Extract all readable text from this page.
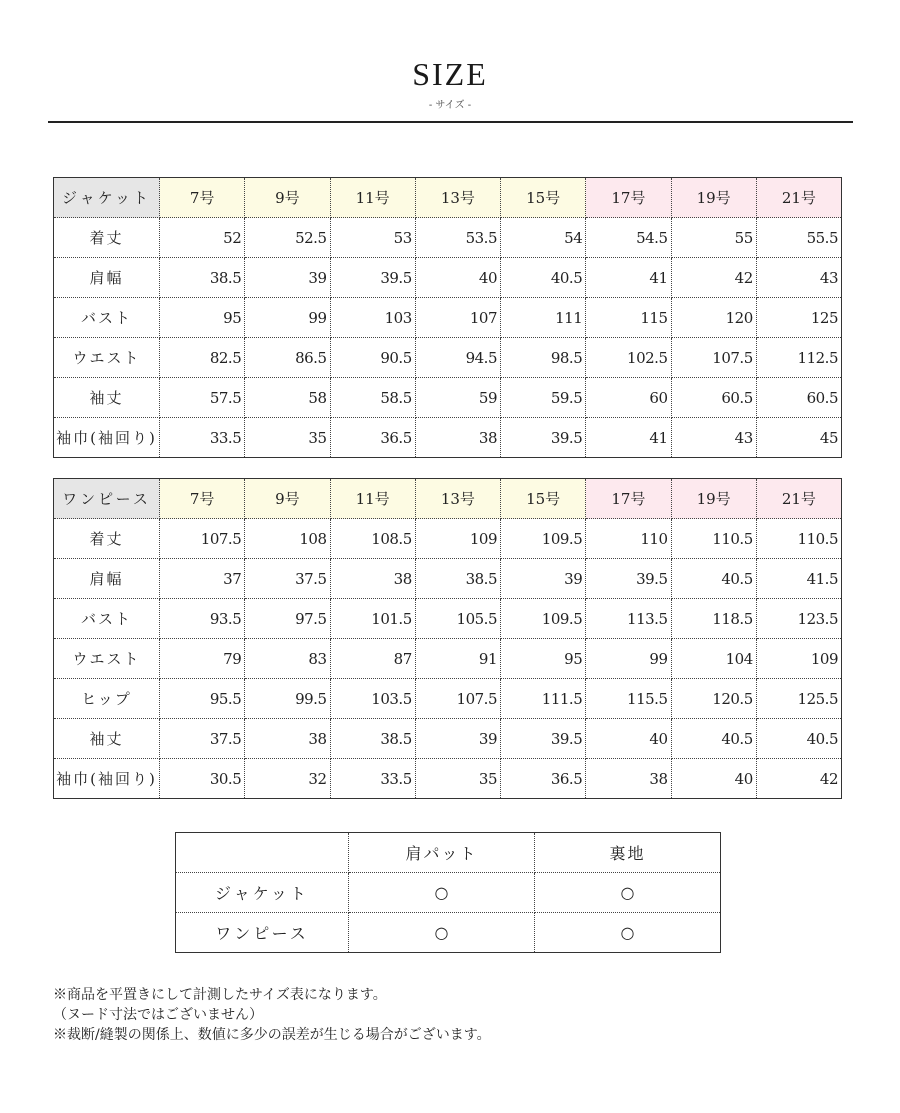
SIZE
- サイズ -
ジャケット	7号	9号	11号	13号	15号	17号	19号	21号
着丈	52	52.5	53	53.5	54	54.5	55	55.5
肩幅	38.5	39	39.5	40	40.5	41	42	43
バスト	95	99	103	107	111	115	120	125
ウエスト	82.5	86.5	90.5	94.5	98.5	102.5	107.5	112.5
袖丈	57.5	58	58.5	59	59.5	60	60.5	60.5
袖巾(袖回り)	33.5	35	36.5	38	39.5	41	43	45
ワンピース	7号	9号	11号	13号	15号	17号	19号	21号
着丈	107.5	108	108.5	109	109.5	110	110.5	110.5
肩幅	37	37.5	38	38.5	39	39.5	40.5	41.5
バスト	93.5	97.5	101.5	105.5	109.5	113.5	118.5	123.5
ウエスト	79	83	87	91	95	99	104	109
ヒップ	95.5	99.5	103.5	107.5	111.5	115.5	120.5	125.5
袖丈	37.5	38	38.5	39	39.5	40	40.5	40.5
袖巾(袖回り)	30.5	32	33.5	35	36.5	38	40	42
	肩パット	裏地
ジャケット	○	○
ワンピース	○	○
※商品を平置きにして計測したサイズ表になります。
（ヌード寸法ではございません）
※裁断/縫製の関係上、数値に多少の誤差が生じる場合がございます。
